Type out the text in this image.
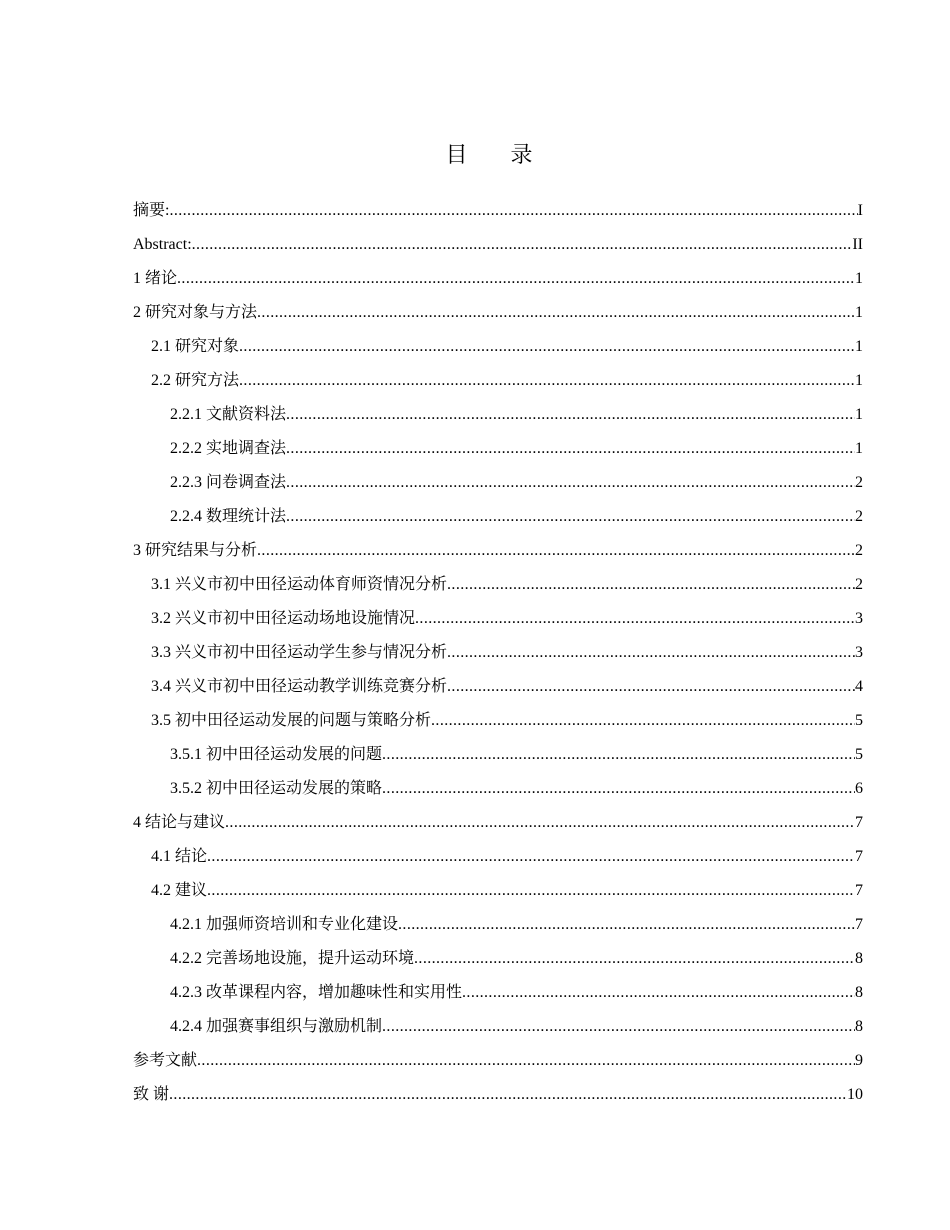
目 录
摘要: .....	I
Abstract: .....	II
1 绪论 .....	1
2 研究对象与方法 .....	1
2.1 研究对象 .....	1
2.2 研究方法 .....	1
2.2.1 文献资料法 .....	1
2.2.2 实地调查法 .....	1
2.2.3 问卷调查法 .....	2
2.2.4 数理统计法 .....	2
3 研究结果与分析 .....	2
3.1 兴义市初中田径运动体育师资情况分析 .....	2
3.2 兴义市初中田径运动场地设施情况 .....	3
3.3 兴义市初中田径运动学生参与情况分析 .....	3
3.4 兴义市初中田径运动教学训练竞赛分析 .....	4
3.5 初中田径运动发展的问题与策略分析 .....	5
3.5.1 初中田径运动发展的问题 .....	5
3.5.2 初中田径运动发展的策略 .....	6
4 结论与建议 .....	7
4.1 结论 .....	7
4.2 建议 .....	7
4.2.1 加强师资培训和专业化建设 .....	7
4.2.2 完善场地设施，提升运动环境 .....	8
4.2.3 改革课程内容，增加趣味性和实用性 .....	8
4.2.4 加强赛事组织与激励机制 .....	8
参考文献 .....	9
致 谢 .....	10
